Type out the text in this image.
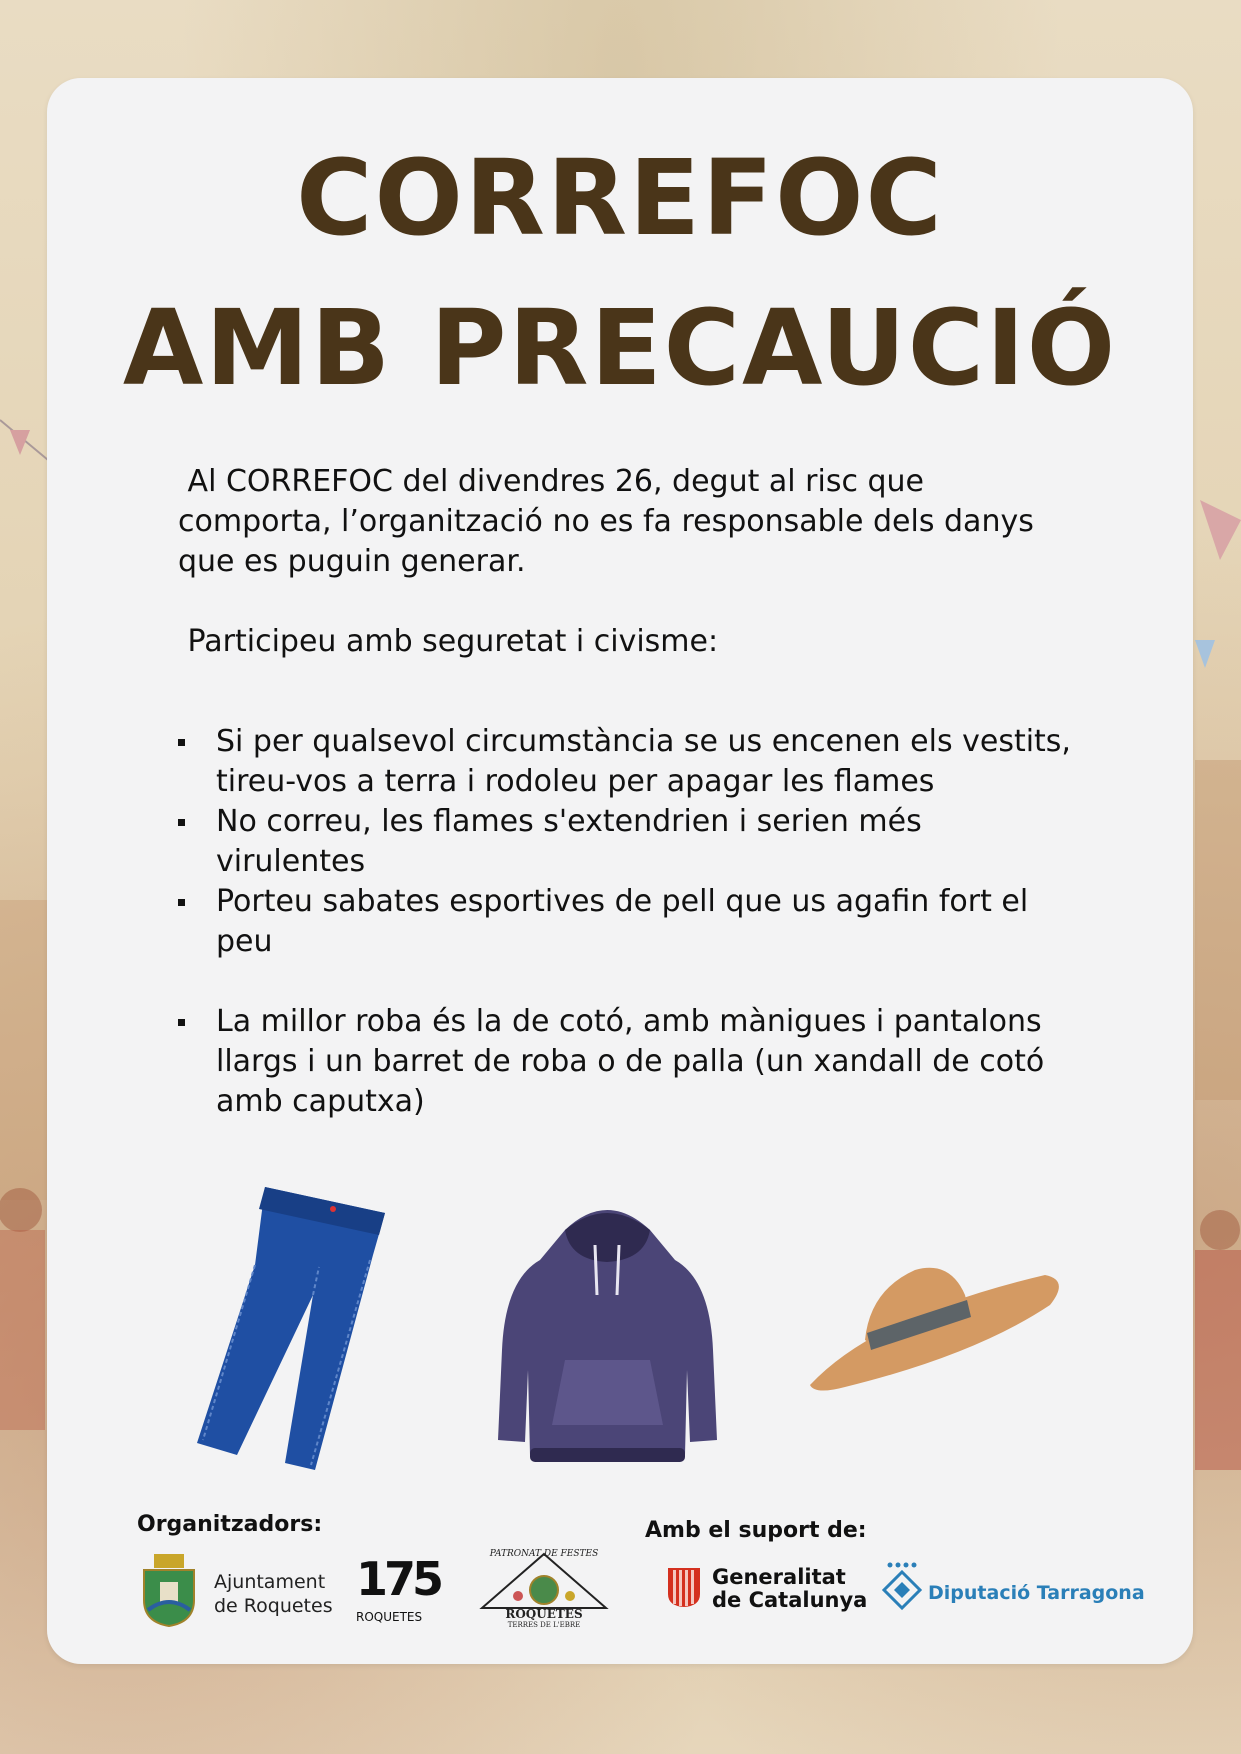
CORREFOC
AMB PRECAUCIÓ
Al CORREFOC del divendres 26, degut al risc que comporta, l’organització no es fa responsable dels danys que es puguin generar.
Participeu amb seguretat i civisme:
Si per qualsevol circumstància se us encenen els vestits, tireu-vos a terra i rodoleu per apagar les flames
No correu, les flames s'extendrien i serien més virulentes
Porteu sabates esportives de pell que us agafin fort el peu
La millor roba és la de cotó, amb mànigues i pantalons llargs i un barret de roba o de palla (un xandall de cotó amb caputxa)
Organitzadors:	Amb el suport de:
Ajuntament
de Roquetes 175
ROQUETES
PATRONAT DE FESTES
ROQUETES
TERRES DE L'EBRE
Generalitat
de Catalunya	Diputació Tarragona
